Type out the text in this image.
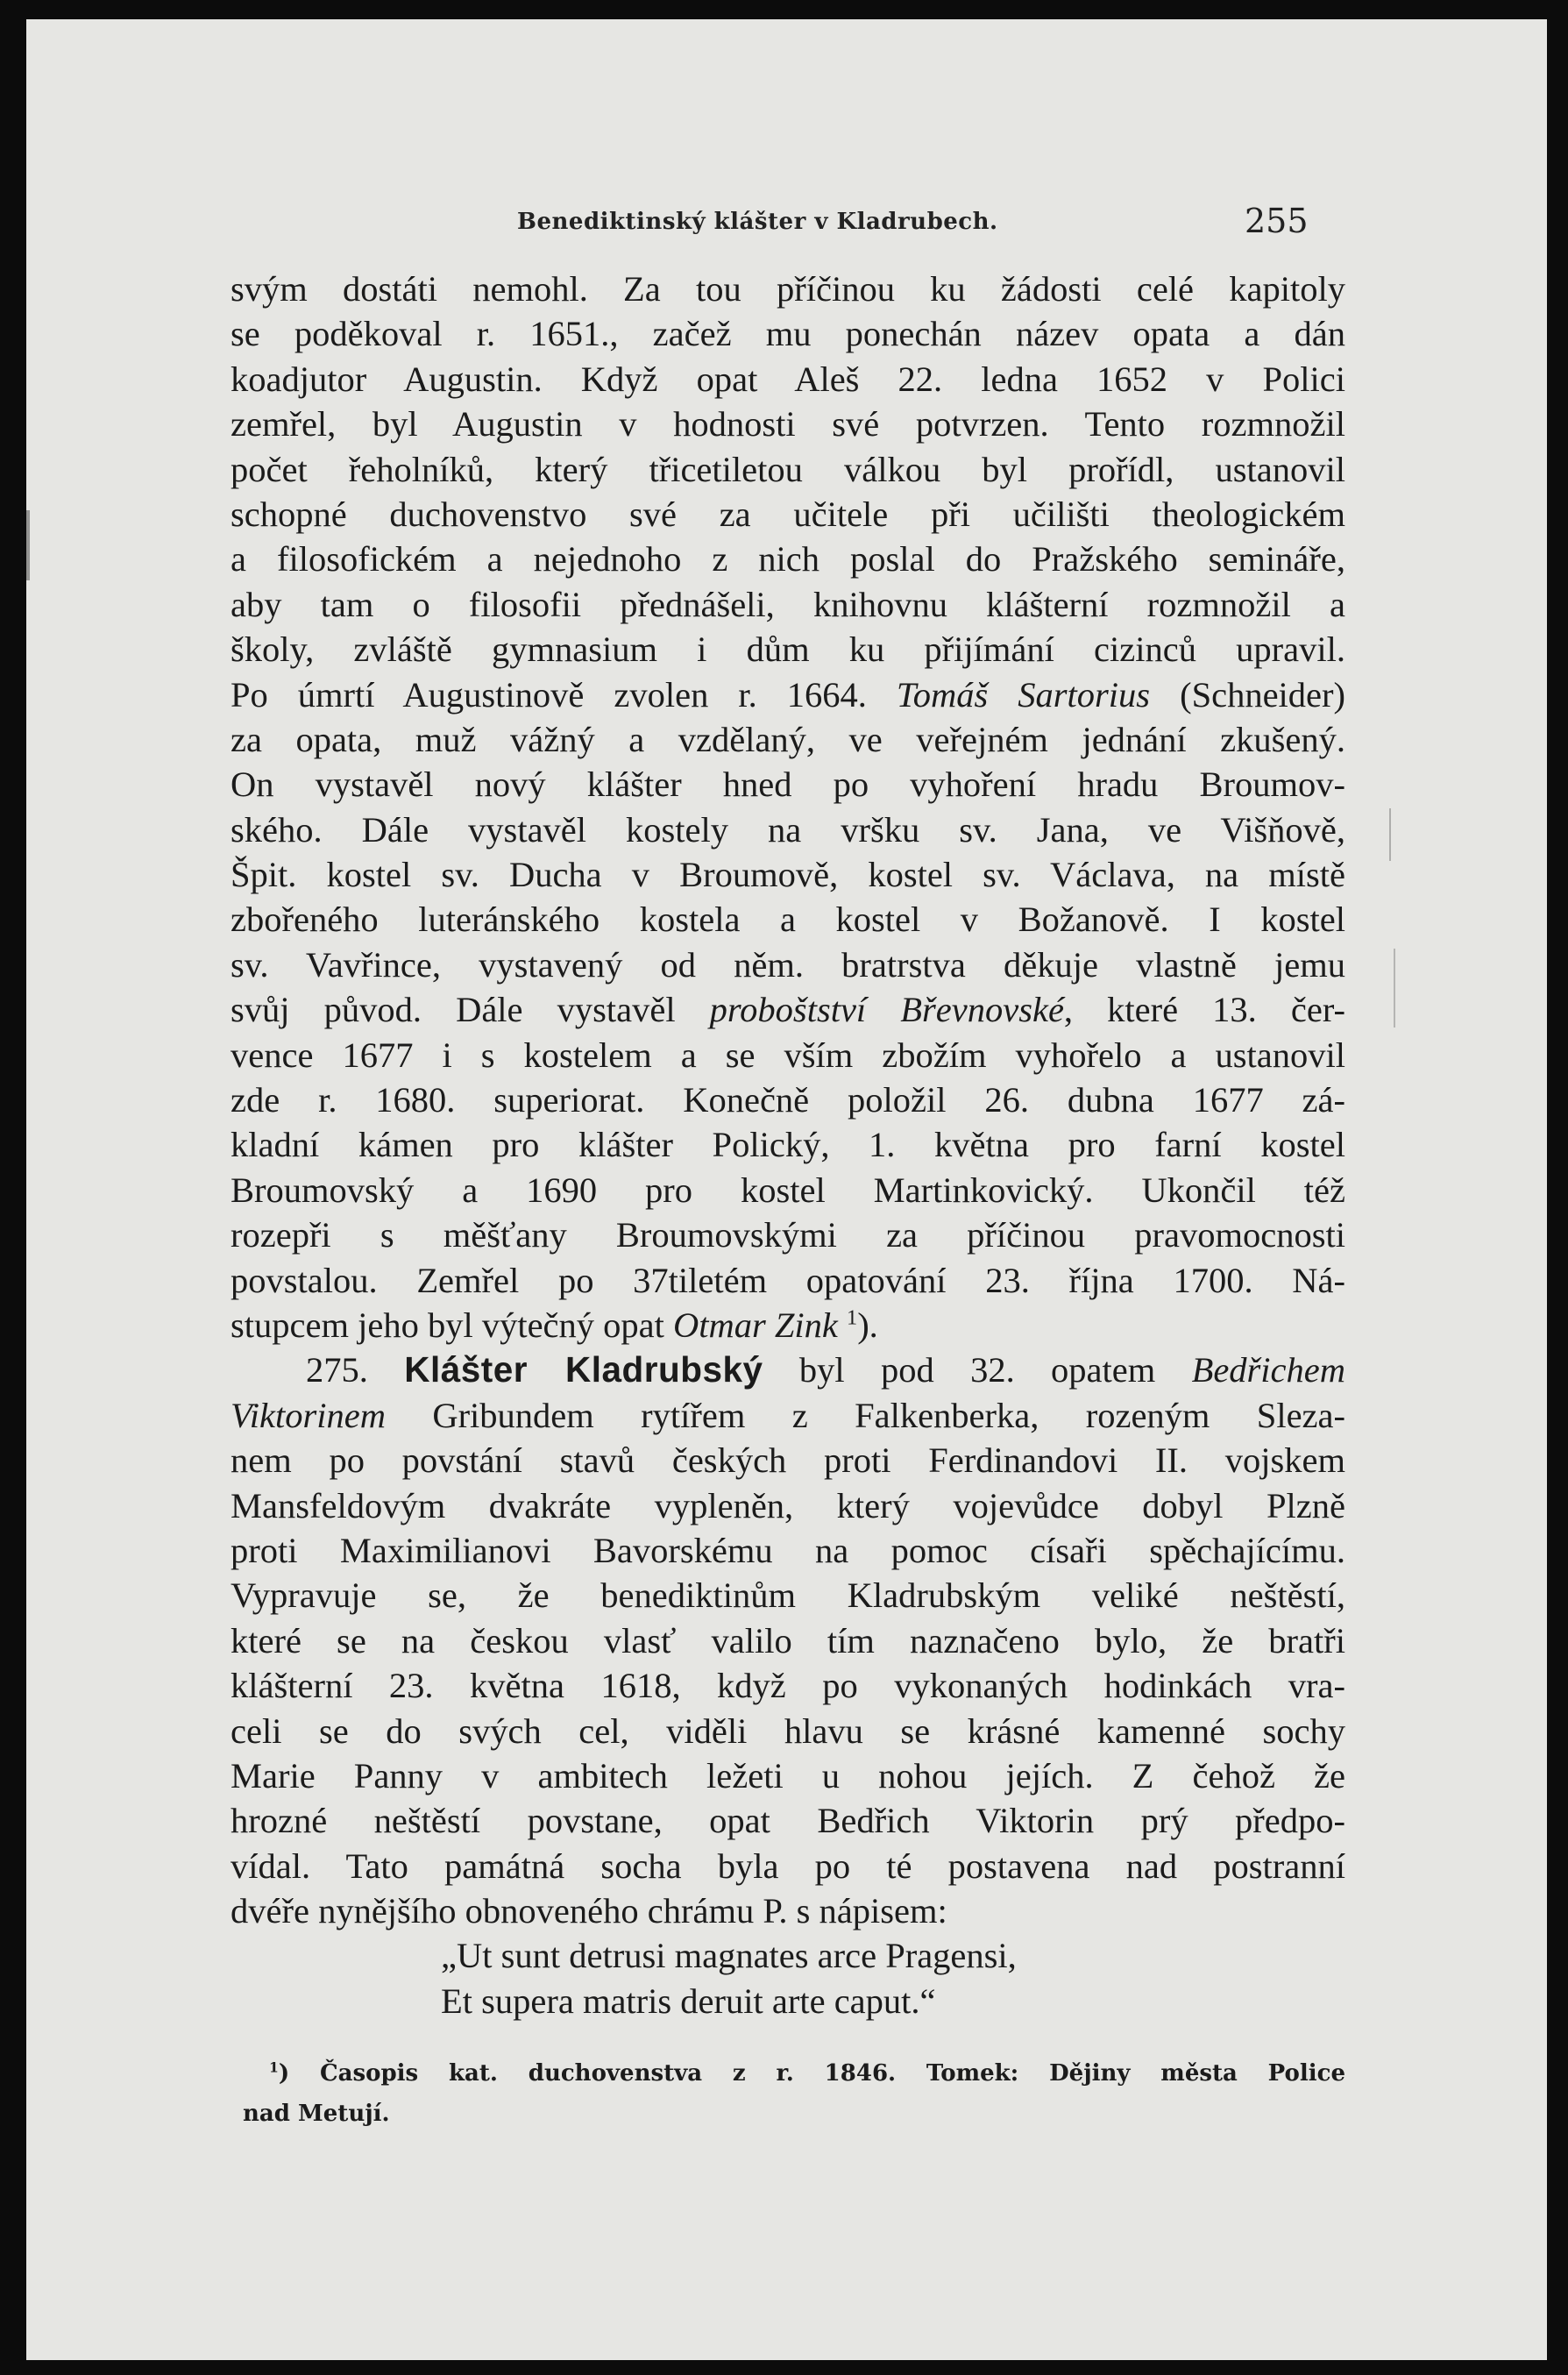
Benediktinský klášter v Kladrubech.	255
svým dostáti nemohl. Za tou příčinou ku žádosti celé kapitoly
se poděkoval r. 1651., začež mu ponechán název opata a dán
koadjutor Augustin. Když opat Aleš 22. ledna 1652 v Polici
zemřel, byl Augustin v hodnosti své potvrzen. Tento rozmnožil
počet řeholníků, který třicetiletou válkou byl prořídl, ustanovil
schopné duchovenstvo své za učitele při učilišti theologickém
a filosofickém a nejednoho z nich poslal do Pražského semináře,
aby tam o filosofii přednášeli, knihovnu klášterní rozmnožil a
školy, zvláště gymnasium i dům ku přijímání cizinců upravil.
Po úmrtí Augustinově zvolen r. 1664. Tomáš Sartorius (Schneider)
za opata, muž vážný a vzdělaný, ve veřejném jednání zkušený.
On vystavěl nový klášter hned po vyhoření hradu Broumov-
ského. Dále vystavěl kostely na vršku sv. Jana, ve Višňově,
Špit. kostel sv. Ducha v Broumově, kostel sv. Václava, na místě
zbořeného luteránského kostela a kostel v Božanově. I kostel
sv. Vavřince, vystavený od něm. bratrstva děkuje vlastně jemu
svůj původ. Dále vystavěl proboštství Břevnovské, které 13. čer-
vence 1677 i s kostelem a se vším zbožím vyhořelo a ustanovil
zde r. 1680. superiorat. Konečně položil 26. dubna 1677 zá-
kladní kámen pro klášter Polický, 1. května pro farní kostel
Broumovský a 1690 pro kostel Martinkovický. Ukončil též
rozepři s měšťany Broumovskými za příčinou pravomocnosti
povstalou. Zemřel po 37tiletém opatování 23. října 1700. Ná-
stupcem jeho byl výtečný opat Otmar Zink $^1$).
275. Klášter Kladrubský byl pod 32. opatem Bedřichem
Viktorinem Gribundem rytířem z Falkenberka, rozeným Sleza-
nem po povstání stavů českých proti Ferdinandovi II. vojskem
Mansfeldovým dvakráte vypleněn, který vojevůdce dobyl Plzně
proti Maximilianovi Bavorskému na pomoc císaři spěchajícímu.
Vypravuje se, že benediktinům Kladrubským veliké neštěstí,
které se na českou vlasť valilo tím naznačeno bylo, že bratři
klášterní 23. května 1618, když po vykonaných hodinkách vra-
celi se do svých cel, viděli hlavu se krásné kamenné sochy
Marie Panny v ambitech ležeti u nohou jejích. Z čehož že
hrozné neštěstí povstane, opat Bedřich Viktorin prý předpo-
vídal. Tato památná socha byla po té postavena nad postranní
dvéře nynějšího obnoveného chrámu P. s nápisem:
„Ut sunt detrusi magnates arce Pragensi,
Et supera matris deruit arte caput.“
$^1$) Časopis kat. duchovenstva z r. 1846. Tomek: Dějiny města Police
nad Metují.
